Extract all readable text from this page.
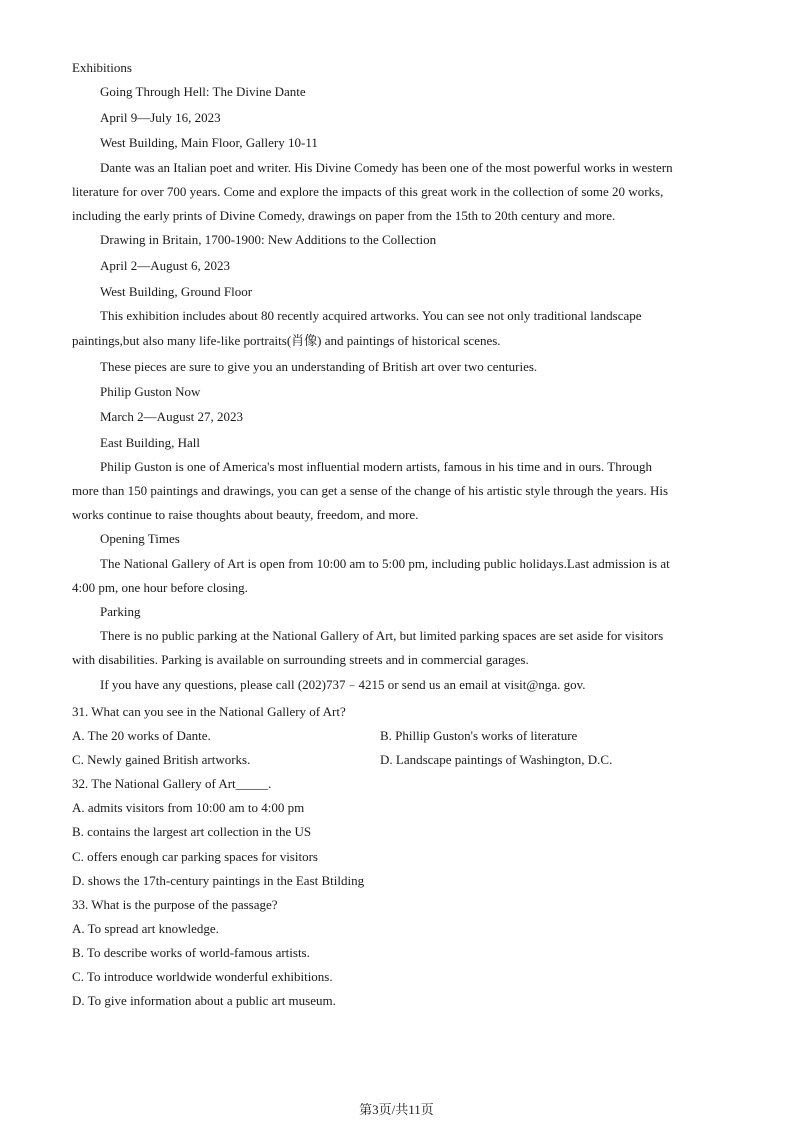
Exhibitions
Going Through Hell: The Divine Dante
April 9—July 16, 2023
West Building, Main Floor, Gallery 10-11
Dante was an Italian poet and writer. His Divine Comedy has been one of the most powerful works in western
literature for over 700 years. Come and explore the impacts of this great work in the collection of some 20 works,
including the early prints of Divine Comedy, drawings on paper from the 15th to 20th century and more.
Drawing in Britain, 1700-1900: New Additions to the Collection
April 2—August 6, 2023
West Building, Ground Floor
This exhibition includes about 80 recently acquired artworks. You can see not only traditional landscape
paintings,but also many life-like portraits(肖像) and paintings of historical scenes.
These pieces are sure to give you an understanding of British art over two centuries.
Philip Guston Now
March 2—August 27, 2023
East Building, Hall
Philip Guston is one of America's most influential modern artists, famous in his time and in ours. Through
more than 150 paintings and drawings, you can get a sense of the change of his artistic style through the years. His
works continue to raise thoughts about beauty, freedom, and more.
Opening Times
The National Gallery of Art is open from 10:00 am to 5:00 pm, including public holidays.Last admission is at
4:00 pm, one hour before closing.
Parking
There is no public parking at the National Gallery of Art, but limited parking spaces are set aside for visitors
with disabilities. Parking is available on surrounding streets and in commercial garages.
If you have any questions, please call (202)737﹣4215 or send us an email at visit@nga. gov.
31. What can you see in the National Gallery of Art?
A. The 20 works of Dante.	B. Phillip Guston's works of literature
C. Newly gained British artworks.	D. Landscape paintings of Washington, D.C.
32. The National Gallery of Art_____.
A. admits visitors from 10:00 am to 4:00 pm
B. contains the largest art collection in the US
C. offers enough car parking spaces for visitors
D. shows the 17th-century paintings in the East Btilding
33. What is the purpose of the passage?
A. To spread art knowledge.
B. To describe works of world-famous artists.
C. To introduce worldwide wonderful exhibitions.
D. To give information about a public art museum.
第3页/共11页
